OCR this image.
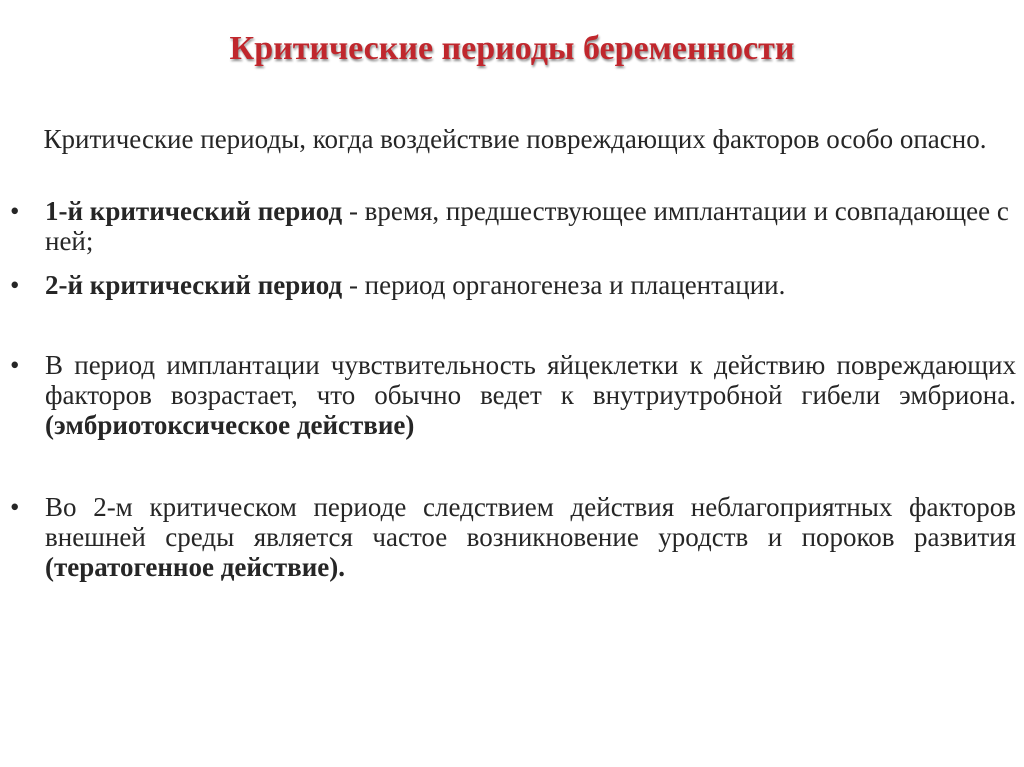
Критические периоды беременности

Критические периоды, когда воздействие повреждающих факторов особо опасно.

• 1-й критический период - время, предшествующее имплантации и совпадающее с ней;
• 2-й критический период - период органогенеза и плацентации.
• В период имплантации чувствительность яйцеклетки к действию повреждающих факторов возрастает, что обычно ведет к внутриутробной гибели эмбриона. (эмбриотоксическое действие)
• Во 2-м критическом периоде следствием действия неблагоприятных факторов внешней среды является частое возникновение уродств и пороков развития (тератогенное действие).
